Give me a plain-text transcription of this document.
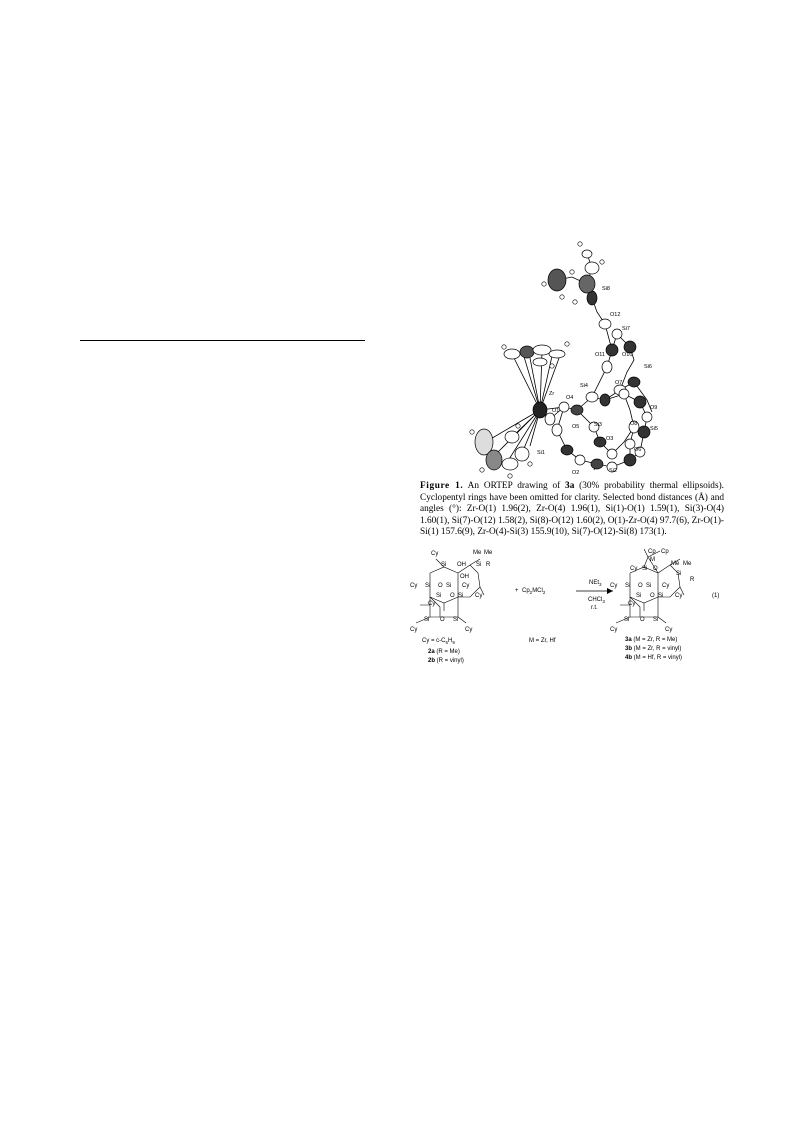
Si8
O12
Si7
O11	O10
Si6
Zr
O4
Si4	O7
O9
O1
O5	Si3	O8
Si5
O3
O6
Si1
O2	Si2
Figure 1. An ORTEP drawing of 3a (30% probability thermal ellipsoids). Cyclopentyl rings have been omitted for clarity. Selected bond distances (Å) and angles (°): Zr-O(1) 1.96(2), Zr-O(4) 1.96(1), Si(1)-O(1) 1.59(1), Si(3)-O(4) 1.60(1), Si(7)-O(12) 1.58(2), Si(8)-O(12) 1.60(2), O(1)-Zr-O(4) 97.7(6), Zr-O(1)-Si(1) 157.6(9), Zr-O(4)-Si(3) 155.9(10), Si(7)-O(12)-Si(8) 173(1).
Cy
Si OH
Me Me
Si R
OH
Cy Si O Si Cy
Si O Si Cy
Cy
Si O Si
Cy	Cy
$Cy = c-C_5H_9$
2a (R = Me)
2b (R = vinyl)
+ $Cp_2MCl_2$
M = Zr, Hf
NEt$_3$
CHCl$_3$
r.t.
Cp Cp
M
Cy Si O
Me Me
Si
R
Cy Si O Si Cy
Si O Si Cy
Cy
Si O Si
Cy	Cy
3a (M = Zr, R = Me)
3b (M = Zr, R = vinyl)
4b (M = Hf, R = vinyl)
(1)
